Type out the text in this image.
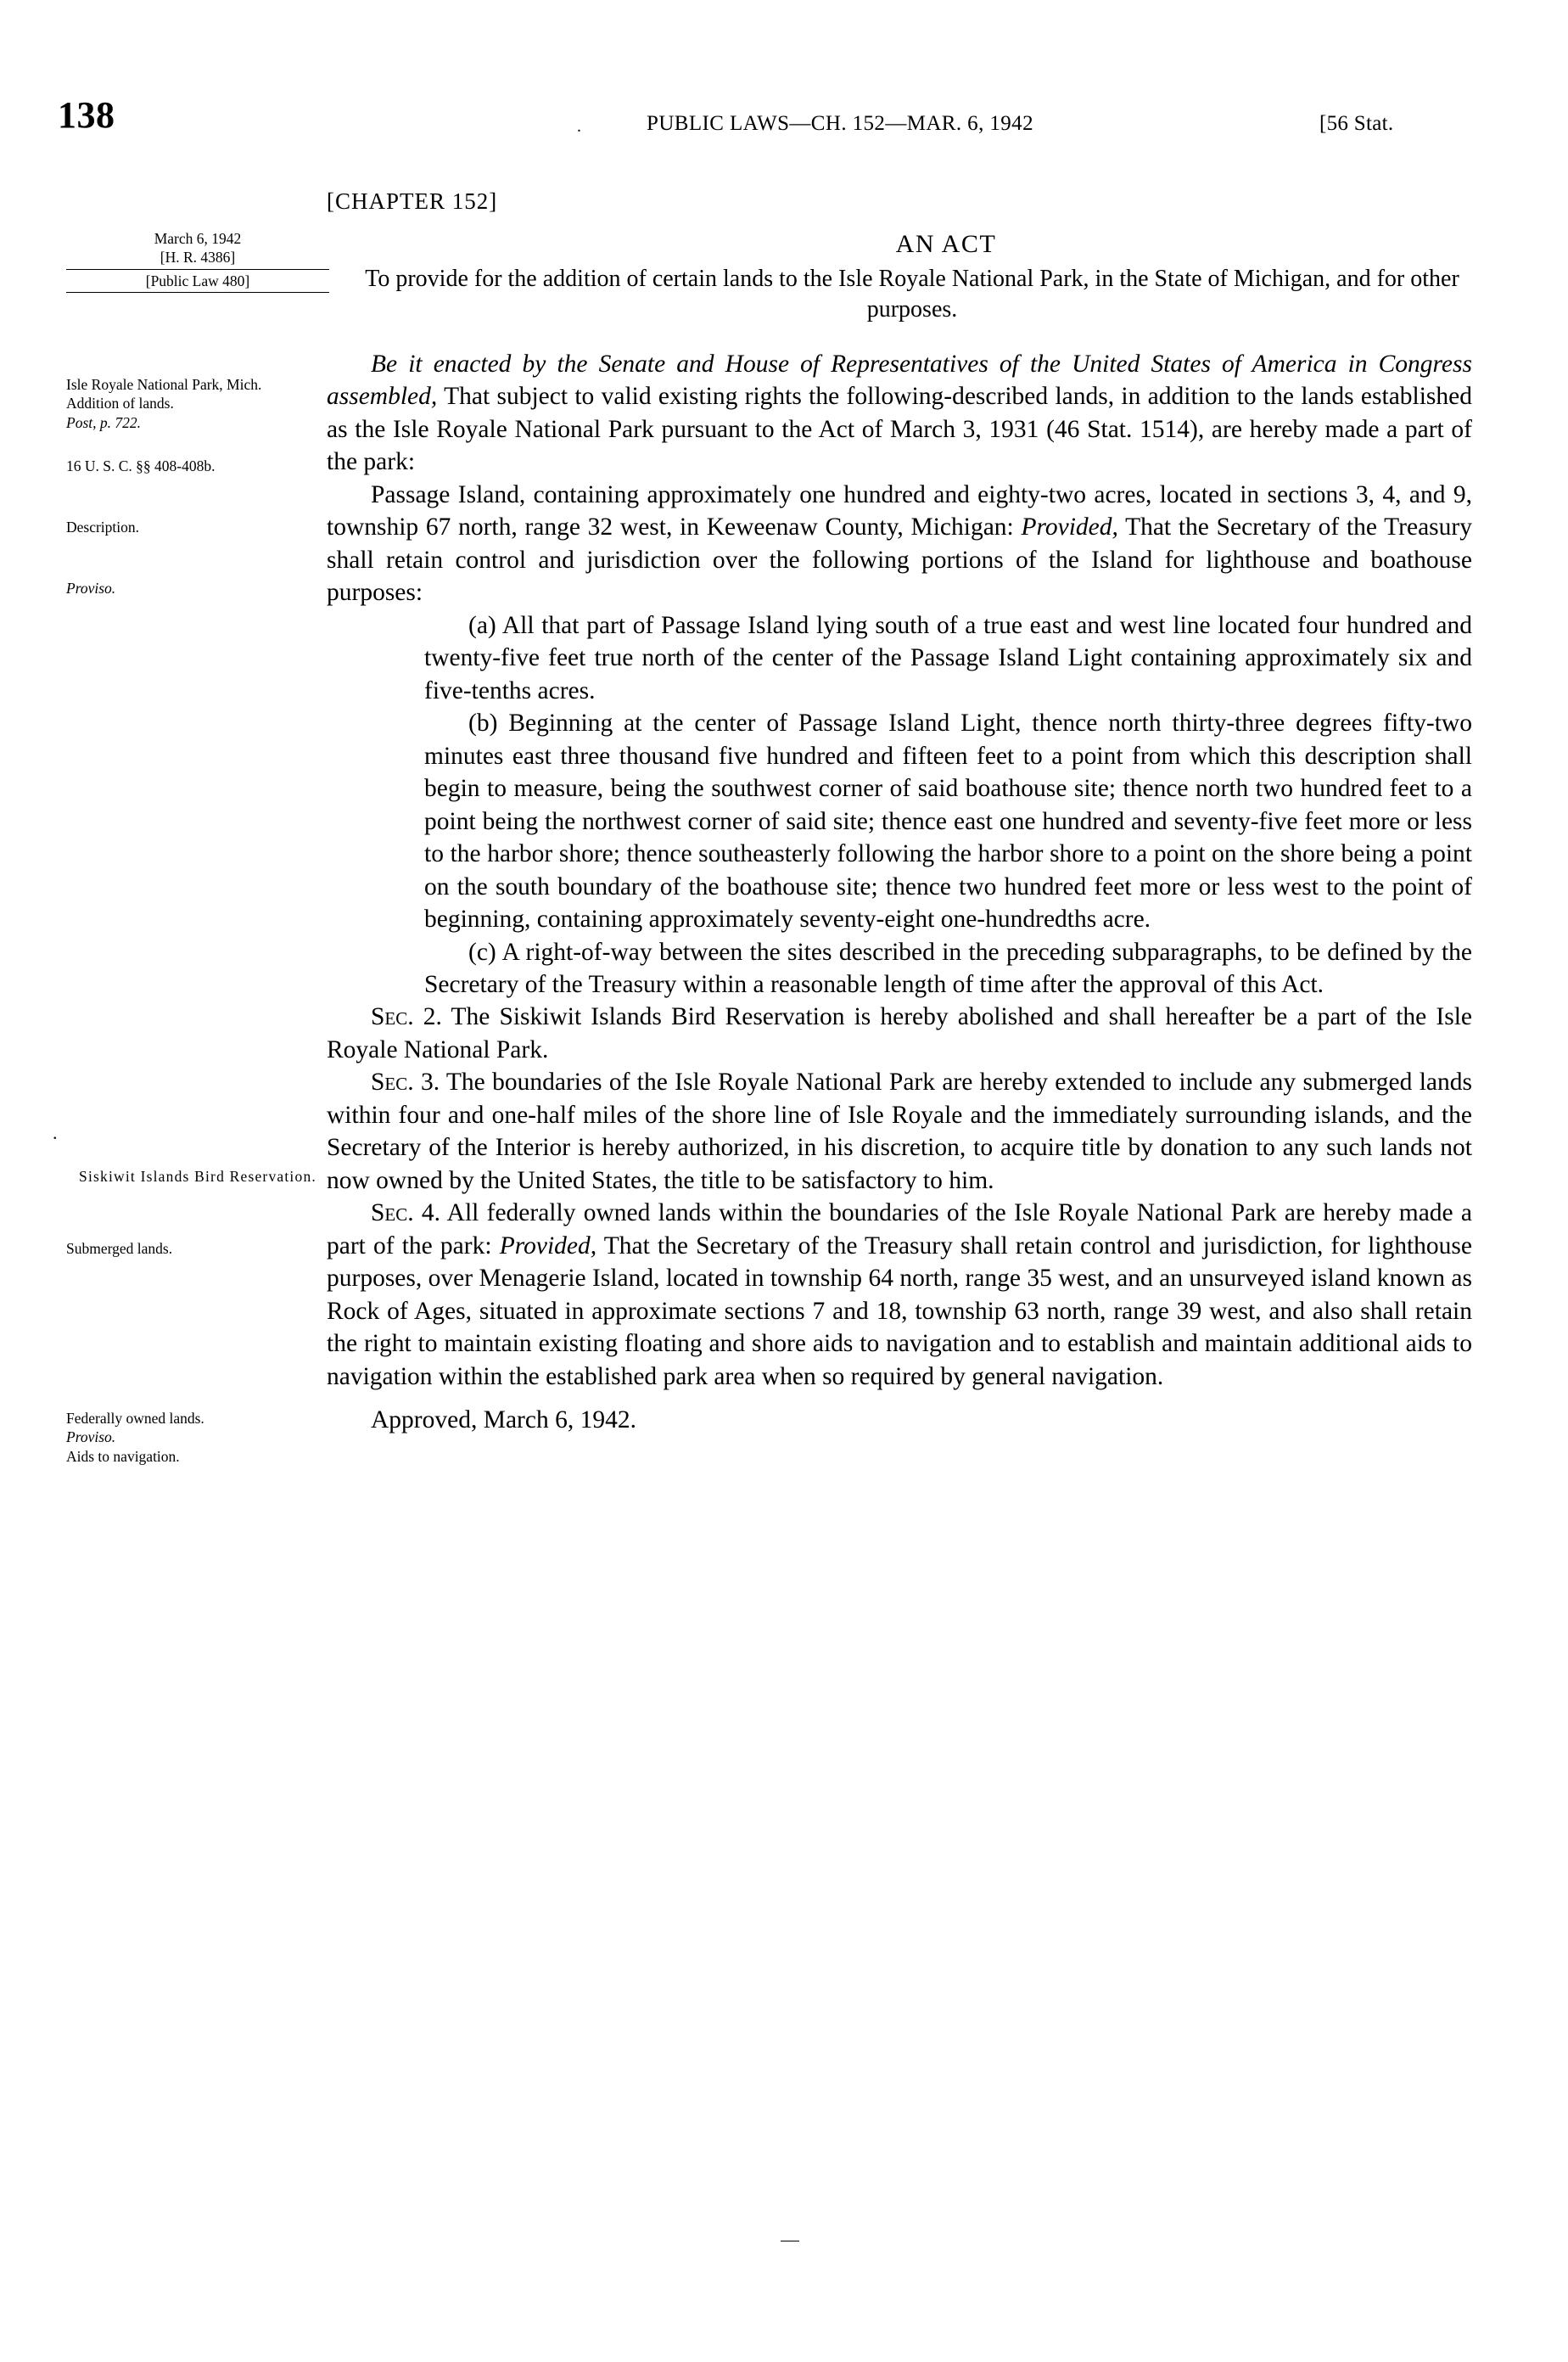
138	.	PUBLIC LAWS—CH. 152—MAR. 6, 1942	[56 Stat.
March 6, 1942
[H. R. 4386]
[Public Law 480]
Isle Royale National Park, Mich.
Addition of lands.
Post, p. 722.
16 U. S. C. §§ 408-408b.
Description.
Proviso.
Siskiwit Islands Bird Reservation.
Submerged lands.
Federally owned lands.
Proviso.
Aids to navigation.
.
[CHAPTER 152]
AN ACT
To provide for the addition of certain lands to the Isle Royale National Park, in the State of Michigan, and for other purposes.

Be it enacted by the Senate and House of Representatives of the United States of America in Congress assembled, That subject to valid existing rights the following-described lands, in addition to the lands established as the Isle Royale National Park pursuant to the Act of March 3, 1931 (46 Stat. 1514), are hereby made a part of the park:

Passage Island, containing approximately one hundred and eighty-two acres, located in sections 3, 4, and 9, township 67 north, range 32 west, in Keweenaw County, Michigan: Provided, That the Secretary of the Treasury shall retain control and jurisdiction over the following portions of the Island for lighthouse and boathouse purposes:

(a) All that part of Passage Island lying south of a true east and west line located four hundred and twenty-five feet true north of the center of the Passage Island Light containing approximately six and five-tenths acres.

(b) Beginning at the center of Passage Island Light, thence north thirty-three degrees fifty-two minutes east three thousand five hundred and fifteen feet to a point from which this description shall begin to measure, being the southwest corner of said boathouse site; thence north two hundred feet to a point being the northwest corner of said site; thence east one hundred and seventy-five feet more or less to the harbor shore; thence southeasterly following the harbor shore to a point on the shore being a point on the south boundary of the boathouse site; thence two hundred feet more or less west to the point of beginning, containing approximately seventy-eight one-hundredths acre.

(c) A right-of-way between the sites described in the preceding subparagraphs, to be defined by the Secretary of the Treasury within a reasonable length of time after the approval of this Act.

Sec. 2. The Siskiwit Islands Bird Reservation is hereby abolished and shall hereafter be a part of the Isle Royale National Park.

Sec. 3. The boundaries of the Isle Royale National Park are hereby extended to include any submerged lands within four and one-half miles of the shore line of Isle Royale and the immediately surrounding islands, and the Secretary of the Interior is hereby authorized, in his discretion, to acquire title by donation to any such lands not now owned by the United States, the title to be satisfactory to him.

Sec. 4. All federally owned lands within the boundaries of the Isle Royale National Park are hereby made a part of the park: Provided, That the Secretary of the Treasury shall retain control and jurisdiction, for lighthouse purposes, over Menagerie Island, located in township 64 north, range 35 west, and an unsurveyed island known as Rock of Ages, situated in approximate sections 7 and 18, township 63 north, range 39 west, and also shall retain the right to maintain existing floating and shore aids to navigation and to establish and maintain additional aids to navigation within the established park area when so required by general navigation.

Approved, March 6, 1942.
